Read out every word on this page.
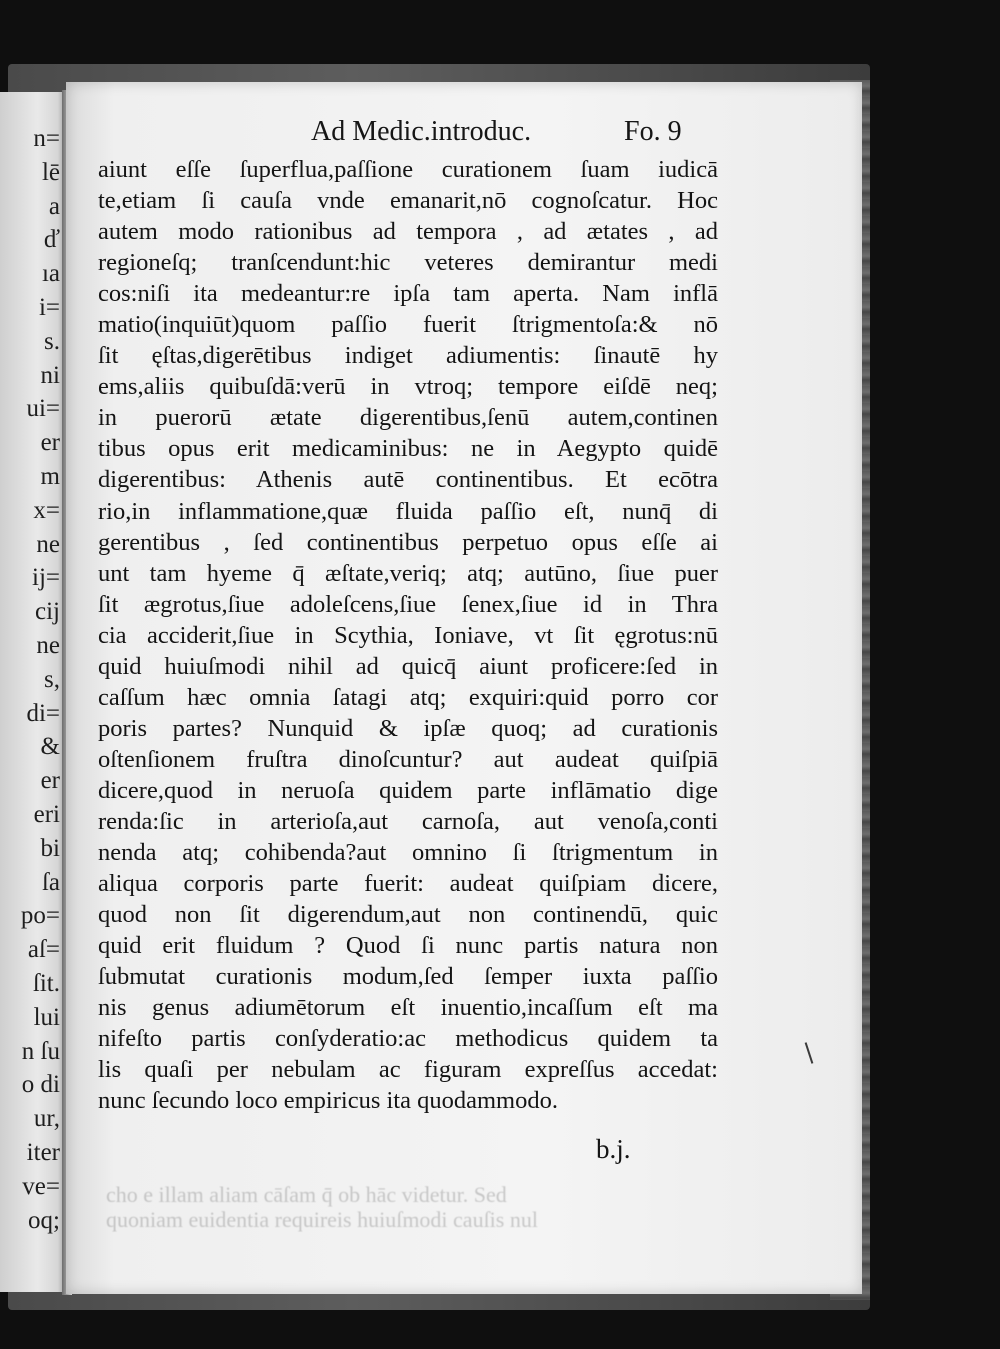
n=
lē
a
ď
ıa
i=
s.
ni
ui=
er
m
x=
ne
ij=
cij
ne
s,
di=
&
er
eri
bi
ſa
po=
aſ=
ſit.
lui
n ſu
o di
ur,
iter
ve=
oq;
Ad Medic.introduc.	Fo. 9
aiunt eſſe ſuperflua,paſſione curationem ſuam iudicā
te,etiam ſi cauſa vnde emanarit,nō cognoſcatur. Hoc
autem modo rationibus ad tempora , ad ætates , ad
regioneſq; tranſcendunt:hic veteres demirantur medi
cos:niſi ita medeantur:re ipſa tam aperta. Nam inflā
matio(inquiūt)quom paſſio fuerit ſtrigmentoſa:& nō
ſit ęſtas,digerētibus indiget adiumentis: ſinautē hy
ems,aliis quibuſdā:verū in vtroq; tempore eiſdē neq;
in puerorū ætate digerentibus,ſenū autem,continen
tibus opus erit medicaminibus: ne in Aegypto quidē
digerentibus: Athenis autē continentibus. Et ecōtra
rio,in inflammatione,quæ fluida paſſio eſt, nunq̄ di
gerentibus , ſed continentibus perpetuo opus eſſe ai
unt tam hyeme q̄ æſtate,veriq; atq; autūno, ſiue puer
ſit ægrotus,ſiue adoleſcens,ſiue ſenex,ſiue id in Thra
cia acciderit,ſiue in Scythia, Ioniave, vt ſit ęgrotus:nū
quid huiuſmodi nihil ad quicq̄ aiunt proficere:ſed in
caſſum hæc omnia ſatagi atq; exquiri:quid porro cor
poris partes? Nunquid & ipſæ quoq; ad curationis
oſtenſionem fruſtra dinoſcuntur? aut audeat quiſpiā
dicere,quod in neruoſa quidem parte inflāmatio dige
renda:ſic in arterioſa,aut carnoſa, aut venoſa,conti
nenda atq; cohibenda?aut omnino ſi ſtrigmentum in
aliqua corporis parte fuerit: audeat quiſpiam dicere,
quod non ſit digerendum,aut non continendū, quic
quid erit fluidum ? Quod ſi nunc partis natura non
ſubmutat curationis modum,ſed ſemper iuxta paſſio
nis genus adiumētorum eſt inuentio,incaſſum eſt ma
nifeſto partis conſyderatio:ac methodicus quidem ta
lis quaſi per nebulam ac figuram expreſſus accedat:
nunc ſecundo loco empiricus ita quodammodo.
b.j.
cho e illam aliam cāſam q̄ ob hāc videtur. Sed
quoniam euidentia requireis huiuſmodi cauſis nul
